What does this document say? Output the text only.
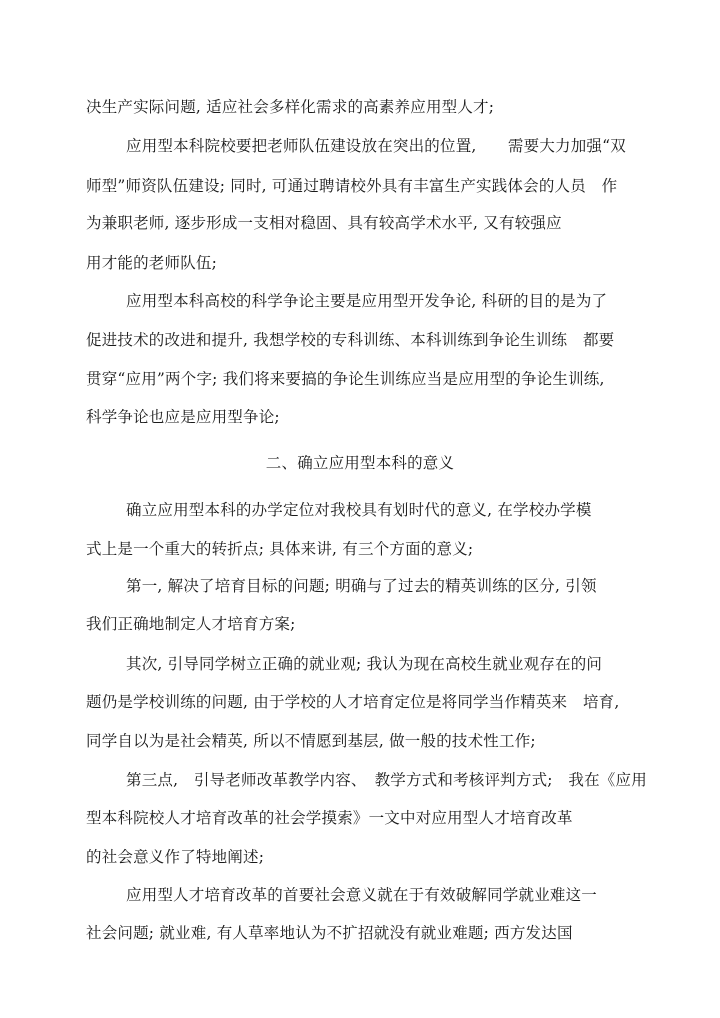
决生产实际问题, 适应社会多样化需求的高素养应用型人才;
应用型本科院校要把老师队伍建设放在突出的位置,　　需要大力加强“双
师型”师资队伍建设; 同时, 可通过聘请校外具有丰富生产实践体会的人员　作
为兼职老师, 逐步形成一支相对稳固、具有较高学术水平, 又有较强应
用才能的老师队伍;
应用型本科高校的科学争论主要是应用型开发争论, 科研的目的是为了
促进技术的改进和提升, 我想学校的专科训练、本科训练到争论生训练　都要
贯穿“应用”两个字; 我们将来要搞的争论生训练应当是应用型的争论生训练,
科学争论也应是应用型争论;
二、确立应用型本科的意义
确立应用型本科的办学定位对我校具有划时代的意义, 在学校办学模
式上是一个重大的转折点; 具体来讲, 有三个方面的意义;
第一, 解决了培育目标的问题; 明确与了过去的精英训练的区分, 引领
我们正确地制定人才培育方案;
其次, 引导同学树立正确的就业观; 我认为现在高校生就业观存在的问
题仍是学校训练的问题, 由于学校的人才培育定位是将同学当作精英来　培育,
同学自以为是社会精英, 所以不情愿到基层, 做一般的技术性工作;
第三点,　引导老师改革教学内容、　教学方式和考核评判方式;　我在《应用
型本科院校人才培育改革的社会学摸索》一文中对应用型人才培育改革
的社会意义作了特地阐述;
应用型人才培育改革的首要社会意义就在于有效破解同学就业难这一
社会问题; 就业难, 有人草率地认为不扩招就没有就业难题; 西方发达国
